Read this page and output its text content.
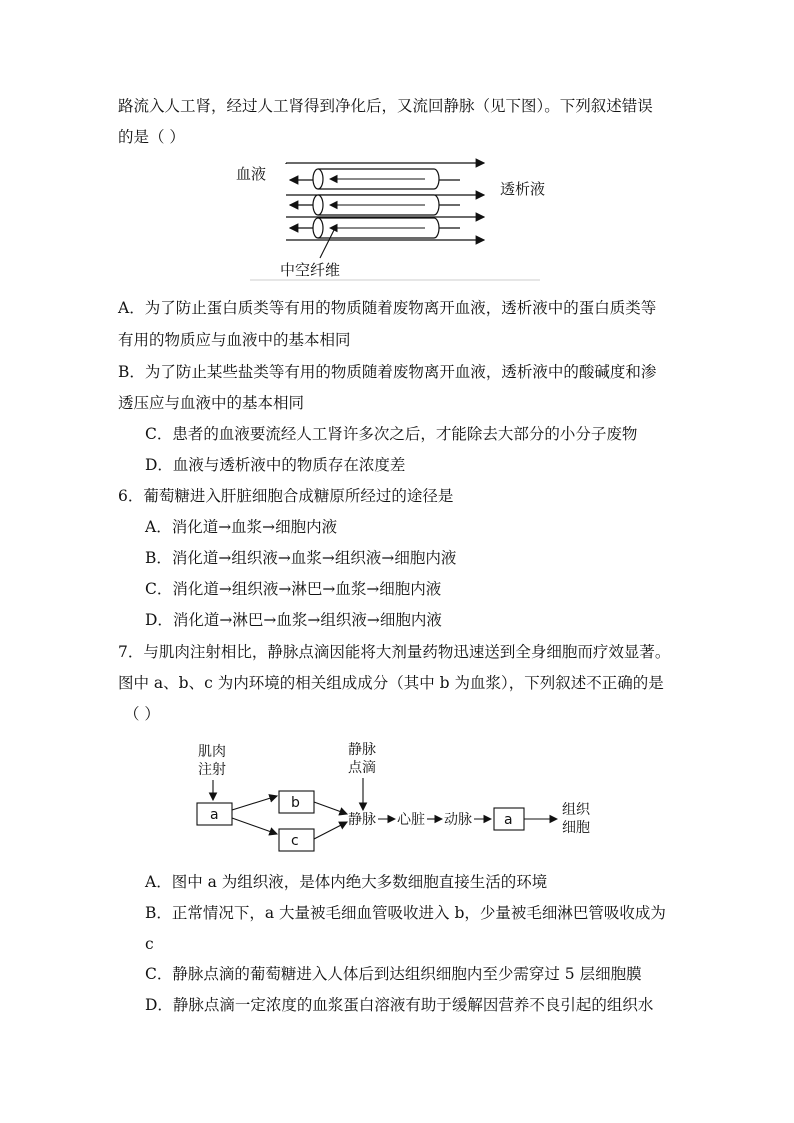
路流入人工肾，经过人工肾得到净化后，又流回静脉（见下图）。下列叙述错误
的是（ ）
血液
透析液
中空纤维
A．为了防止蛋白质类等有用的物质随着废物离开血液，透析液中的蛋白质类等
有用的物质应与血液中的基本相同
B．为了防止某些盐类等有用的物质随着废物离开血液，透析液中的酸碱度和渗
透压应与血液中的基本相同
C．患者的血液要流经人工肾许多次之后，才能除去大部分的小分子废物
D．血液与透析液中的物质存在浓度差
6．葡萄糖进入肝脏细胞合成糖原所经过的途径是
A．消化道→血浆→细胞内液
B．消化道→组织液→血浆→组织液→细胞内液
C．消化道→组织液→淋巴→血浆→细胞内液
D．消化道→淋巴→血浆→组织液→细胞内液
7．与肌肉注射相比，静脉点滴因能将大剂量药物迅速送到全身细胞而疗效显著。
图中 a、b、c 为内环境的相关组成成分（其中 b 为血浆），下列叙述不正确的是
（ ）
肌肉
注射
a
b
c
静脉
点滴
静脉 心脏 动脉 a
组织
细胞
A．图中 a 为组织液，是体内绝大多数细胞直接生活的环境
B．正常情况下，a 大量被毛细血管吸收进入 b，少量被毛细淋巴管吸收成为
c
C．静脉点滴的葡萄糖进入人体后到达组织细胞内至少需穿过 5 层细胞膜
D．静脉点滴一定浓度的血浆蛋白溶液有助于缓解因营养不良引起的组织水
